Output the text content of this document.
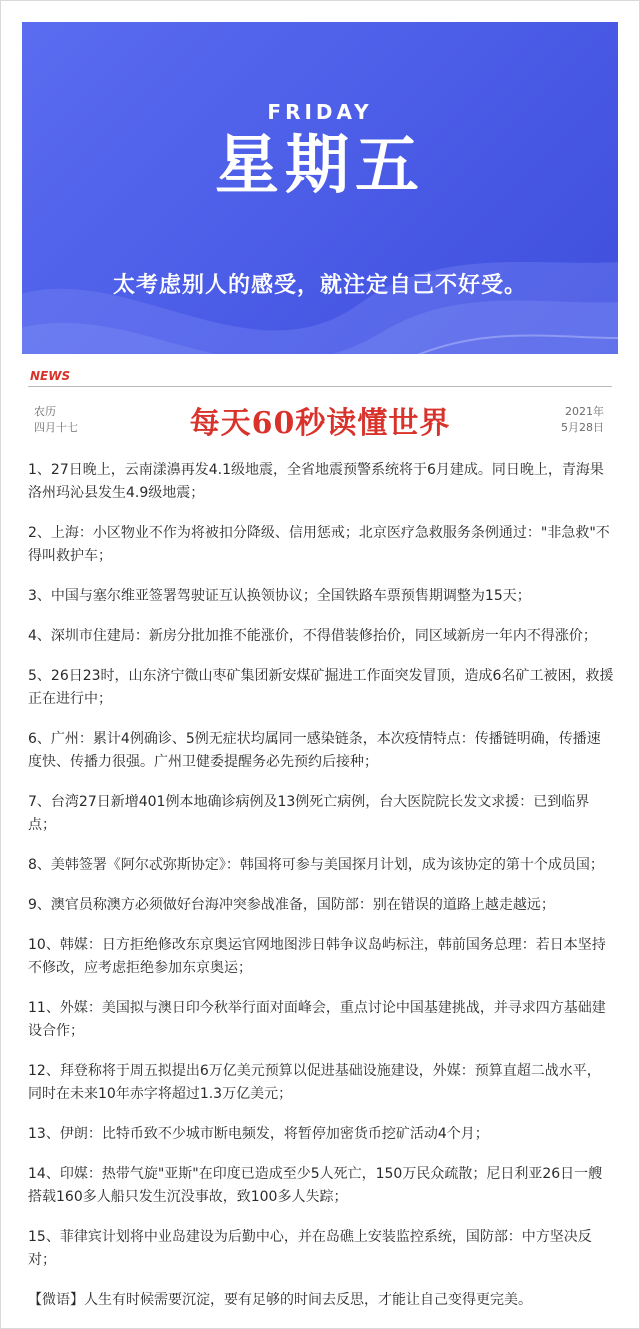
FRIDAY
星期五
太考虑别人的感受，就注定自己不好受。
NEWS
农历
四月十七	每天60秒读懂世界	2021年
5月28日
1、27日晚上，云南漾濞再发4.1级地震，全省地震预警系统将于6月建成。同日晚上，青海果洛州玛沁县发生4.9级地震；
2、上海：小区物业不作为将被扣分降级、信用惩戒；北京医疗急救服务条例通过："非急救"不得叫救护车；
3、中国与塞尔维亚签署驾驶证互认换领协议；全国铁路车票预售期调整为15天；
4、深圳市住建局：新房分批加推不能涨价，不得借装修抬价，同区域新房一年内不得涨价；
5、26日23时，山东济宁微山枣矿集团新安煤矿掘进工作面突发冒顶，造成6名矿工被困，救援正在进行中；
6、广州：累计4例确诊、5例无症状均属同一感染链条，本次疫情特点：传播链明确，传播速度快、传播力很强。广州卫健委提醒务必先预约后接种；
7、台湾27日新增401例本地确诊病例及13例死亡病例，台大医院院长发文求援：已到临界点；
8、美韩签署《阿尔忒弥斯协定》：韩国将可参与美国探月计划，成为该协定的第十个成员国；
9、澳官员称澳方必须做好台海冲突参战准备，国防部：别在错误的道路上越走越远；
10、韩媒：日方拒绝修改东京奥运官网地图涉日韩争议岛屿标注，韩前国务总理：若日本坚持不修改，应考虑拒绝参加东京奥运；
11、外媒：美国拟与澳日印今秋举行面对面峰会，重点讨论中国基建挑战，并寻求四方基础建设合作；
12、拜登称将于周五拟提出6万亿美元预算以促进基础设施建设，外媒：预算直超二战水平，同时在未来10年赤字将超过1.3万亿美元；
13、伊朗：比特币致不少城市断电频发，将暂停加密货币挖矿活动4个月；
14、印媒：热带气旋"亚斯"在印度已造成至少5人死亡，150万民众疏散；尼日利亚26日一艘搭载160多人船只发生沉没事故，致100多人失踪；
15、菲律宾计划将中业岛建设为后勤中心，并在岛礁上安装监控系统，国防部：中方坚决反对；
【微语】人生有时候需要沉淀，要有足够的时间去反思，才能让自己变得更完美。
